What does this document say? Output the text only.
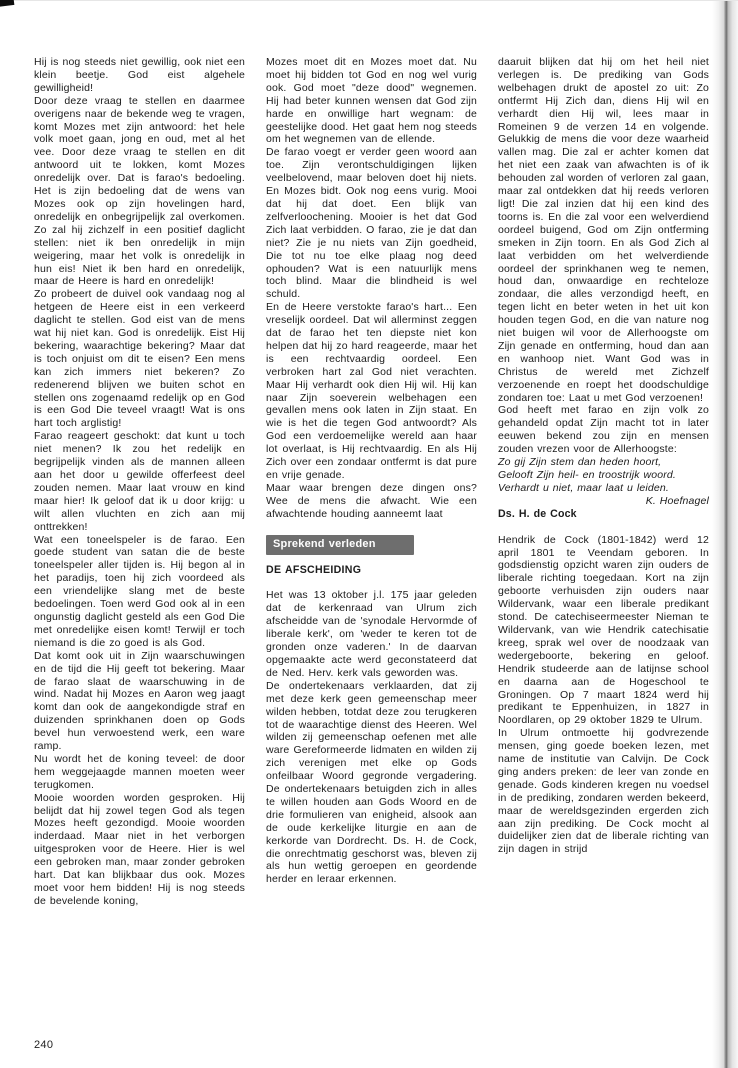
Hij is nog steeds niet gewillig, ook niet een klein beetje. God eist algehele gewilligheid!

Door deze vraag te stellen en daarmee overigens naar de bekende weg te vragen, komt Mozes met zijn antwoord: het hele volk moet gaan, jong en oud, met al het vee. Door deze vraag te stellen en dit antwoord uit te lokken, komt Mozes onredelijk over. Dat is farao's bedoeling. Het is zijn bedoeling dat de wens van Mozes ook op zijn hovelingen hard, onredelijk en onbegrijpelijk zal overkomen. Zo zal hij zichzelf in een positief daglicht stellen: niet ik ben onredelijk in mijn weigering, maar het volk is onredelijk in hun eis! Niet ik ben hard en onredelijk, maar de Heere is hard en onredelijk!

Zo probeert de duivel ook vandaag nog al hetgeen de Heere eist in een verkeerd daglicht te stellen. God eist van de mens wat hij niet kan. God is onredelijk. Eist Hij bekering, waarachtige bekering? Maar dat is toch onjuist om dit te eisen? Een mens kan zich immers niet bekeren? Zo redenerend blijven we buiten schot en stellen ons zogenaamd redelijk op en God is een God Die teveel vraagt! Wat is ons hart toch arglistig!

Farao reageert geschokt: dat kunt u toch niet menen? Ik zou het redelijk en begrijpelijk vinden als de mannen alleen aan het door u gewilde offerfeest deel zouden nemen. Maar laat vrouw en kind maar hier! Ik geloof dat ik u door krijg: u wilt allen vluchten en zich aan mij onttrekken!

Wat een toneelspeler is de farao. Een goede student van satan die de beste toneelspeler aller tijden is. Hij begon al in het paradijs, toen hij zich voordeed als een vriendelijke slang met de beste bedoelingen. Toen werd God ook al in een ongunstig daglicht gesteld als een God Die met onredelijke eisen komt! Terwijl er toch niemand is die zo goed is als God.

Dat komt ook uit in Zijn waarschuwingen en de tijd die Hij geeft tot bekering. Maar de farao slaat de waarschuwing in de wind. Nadat hij Mozes en Aaron weg jaagt komt dan ook de aangekondigde straf en duizenden sprinkhanen doen op Gods bevel hun verwoestend werk, een ware ramp.

Nu wordt het de koning teveel: de door hem weggejaagde mannen moeten weer terugkomen.

Mooie woorden worden gesproken. Hij belijdt dat hij zowel tegen God als tegen Mozes heeft gezondigd. Mooie woorden inderdaad. Maar niet in het verborgen uitgesproken voor de Heere. Hier is wel een gebroken man, maar zonder gebroken hart. Dat kan blijkbaar dus ook. Mozes moet voor hem bidden! Hij is nog steeds de bevelende koning,

Mozes moet dit en Mozes moet dat. Nu moet hij bidden tot God en nog wel vurig ook. God moet "deze dood" wegnemen. Hij had beter kunnen wensen dat God zijn harde en onwillige hart wegnam: de geestelijke dood. Het gaat hem nog steeds om het wegnemen van de ellende.

De farao voegt er verder geen woord aan toe. Zijn verontschuldigingen lijken veelbelovend, maar beloven doet hij niets. En Mozes bidt. Ook nog eens vurig. Mooi dat hij dat doet. Een blijk van zelfverloochening. Mooier is het dat God Zich laat verbidden. O farao, zie je dat dan niet? Zie je nu niets van Zijn goedheid, Die tot nu toe elke plaag nog deed ophouden? Wat is een natuurlijk mens toch blind. Maar die blindheid is wel schuld.

En de Heere verstokte farao's hart... Een vreselijk oordeel. Dat wil allerminst zeggen dat de farao het ten diepste niet kon helpen dat hij zo hard reageerde, maar het is een rechtvaardig oordeel. Een verbroken hart zal God niet verachten. Maar Hij verhardt ook dien Hij wil. Hij kan naar Zijn soeverein welbehagen een gevallen mens ook laten in Zijn staat. En wie is het die tegen God antwoordt? Als God een verdoemelijke wereld aan haar lot overlaat, is Hij rechtvaardig. En als Hij Zich over een zondaar ontfermt is dat pure en vrije genade.

Maar waar brengen deze dingen ons? Wee de mens die afwacht. Wie een afwachtende houding aanneemt laat

Sprekend verleden
DE AFSCHEIDING

Het was 13 oktober j.l. 175 jaar geleden dat de kerkenraad van Ulrum zich afscheidde van de 'synodale Hervormde of liberale kerk', om 'weder te keren tot de gronden onze vaderen.' In de daarvan opgemaakte acte werd geconstateerd dat de Ned. Herv. kerk vals geworden was.

De ondertekenaars verklaarden, dat zij met deze kerk geen gemeenschap meer wilden hebben, totdat deze zou terugkeren tot de waarachtige dienst des Heeren. Wel wilden zij gemeenschap oefenen met alle ware Gereformeerde lidmaten en wilden zij zich verenigen met elke op Gods onfeilbaar Woord gegronde vergadering. De ondertekenaars betuigden zich in alles te willen houden aan Gods Woord en de drie formulieren van enigheid, alsook aan de oude kerkelijke liturgie en aan de kerkorde van Dordrecht. Ds. H. de Cock, die onrechtmatig geschorst was, bleven zij als hun wettig geroepen en geordende herder en leraar erkennen.

daaruit blijken dat hij om het heil niet verlegen is. De prediking van Gods welbehagen drukt de apostel zo uit: Zo ontfermt Hij Zich dan, diens Hij wil en verhardt dien Hij wil, lees maar in Romeinen 9 de verzen 14 en volgende. Gelukkig de mens die voor deze waarheid vallen mag. Die zal er achter komen dat het niet een zaak van afwachten is of ik behouden zal worden of verloren zal gaan, maar zal ontdekken dat hij reeds verloren ligt! Die zal inzien dat hij een kind des toorns is. En die zal voor een welverdiend oordeel buigend, God om Zijn ontferming smeken in Zijn toorn. En als God Zich al laat verbidden om het welverdiende oordeel der sprinkhanen weg te nemen, houd dan, onwaardige en rechteloze zondaar, die alles verzondigd heeft, en tegen licht en beter weten in het uit kon houden tegen God, en die van nature nog niet buigen wil voor de Allerhoogste om Zijn genade en ontferming, houd dan aan en wanhoop niet. Want God was in Christus de wereld met Zichzelf verzoenende en roept het doodschuldige zondaren toe: Laat u met God verzoenen!

God heeft met farao en zijn volk zo gehandeld opdat Zijn macht tot in later eeuwen bekend zou zijn en mensen zouden vrezen voor de Allerhoogste:

Zo gij Zijn stem dan heden hoort,

Gelooft Zijn heil- en troostrijk woord.

Verhardt u niet, maar laat u leiden.

K. Hoefnagel

Ds. H. de Cock

Hendrik de Cock (1801-1842) werd 12 april 1801 te Veendam geboren. In godsdienstig opzicht waren zijn ouders de liberale richting toegedaan. Kort na zijn geboorte verhuisden zijn ouders naar Wildervank, waar een liberale predikant stond. De catechiseermeester Nieman te Wildervank, van wie Hendrik catechisatie kreeg, sprak wel over de noodzaak van wedergeboorte, bekering en geloof. Hendrik studeerde aan de latijnse school en daarna aan de Hogeschool te Groningen. Op 7 maart 1824 werd hij predikant te Eppenhuizen, in 1827 in Noordlaren, op 29 oktober 1829 te Ulrum.

In Ulrum ontmoette hij godvrezende mensen, ging goede boeken lezen, met name de institutie van Calvijn. De Cock ging anders preken: de leer van zonde en genade. Gods kinderen kregen nu voedsel in de prediking, zondaren werden bekeerd, maar de wereldsgezinden ergerden zich aan zijn prediking. De Cock mocht al duidelijker zien dat de liberale richting van zijn dagen in strijd

240
